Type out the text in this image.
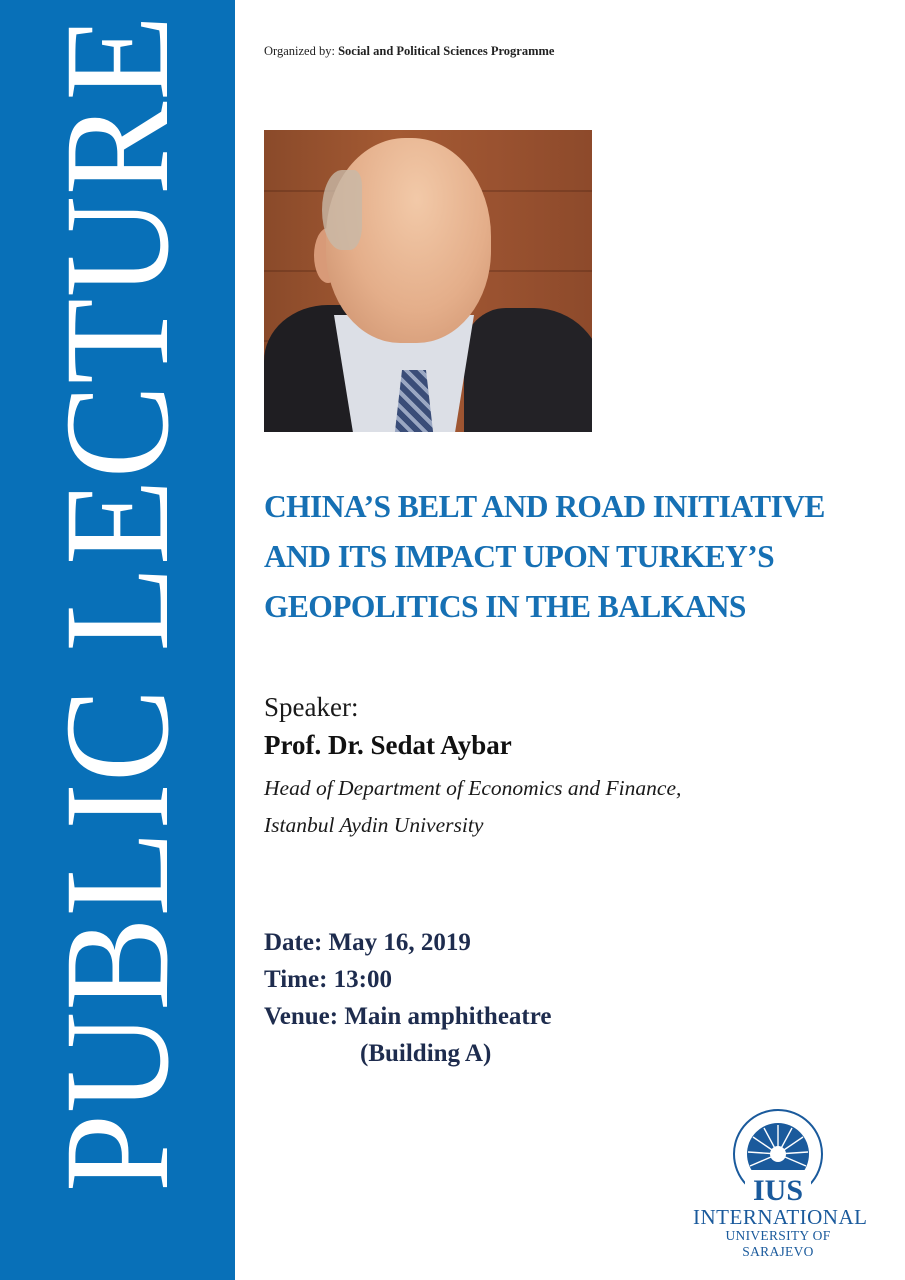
PUBLIC LECTURE	Organized by: Social and Political Sciences Programme
CHINA’S BELT AND ROAD INITIATIVE
AND ITS IMPACT UPON TURKEY’S
GEOPOLITICS IN THE BALKANS
Speaker:
Prof. Dr. Sedat Aybar
Head of Department of Economics and Finance,
Istanbul Aydin University
Date: May 16, 2019
Time: 13:00
Venue: Main amphitheatre
(Building A)
IUS
INTERNATIONAL
UNIVERSITY OF SARAJEVO
